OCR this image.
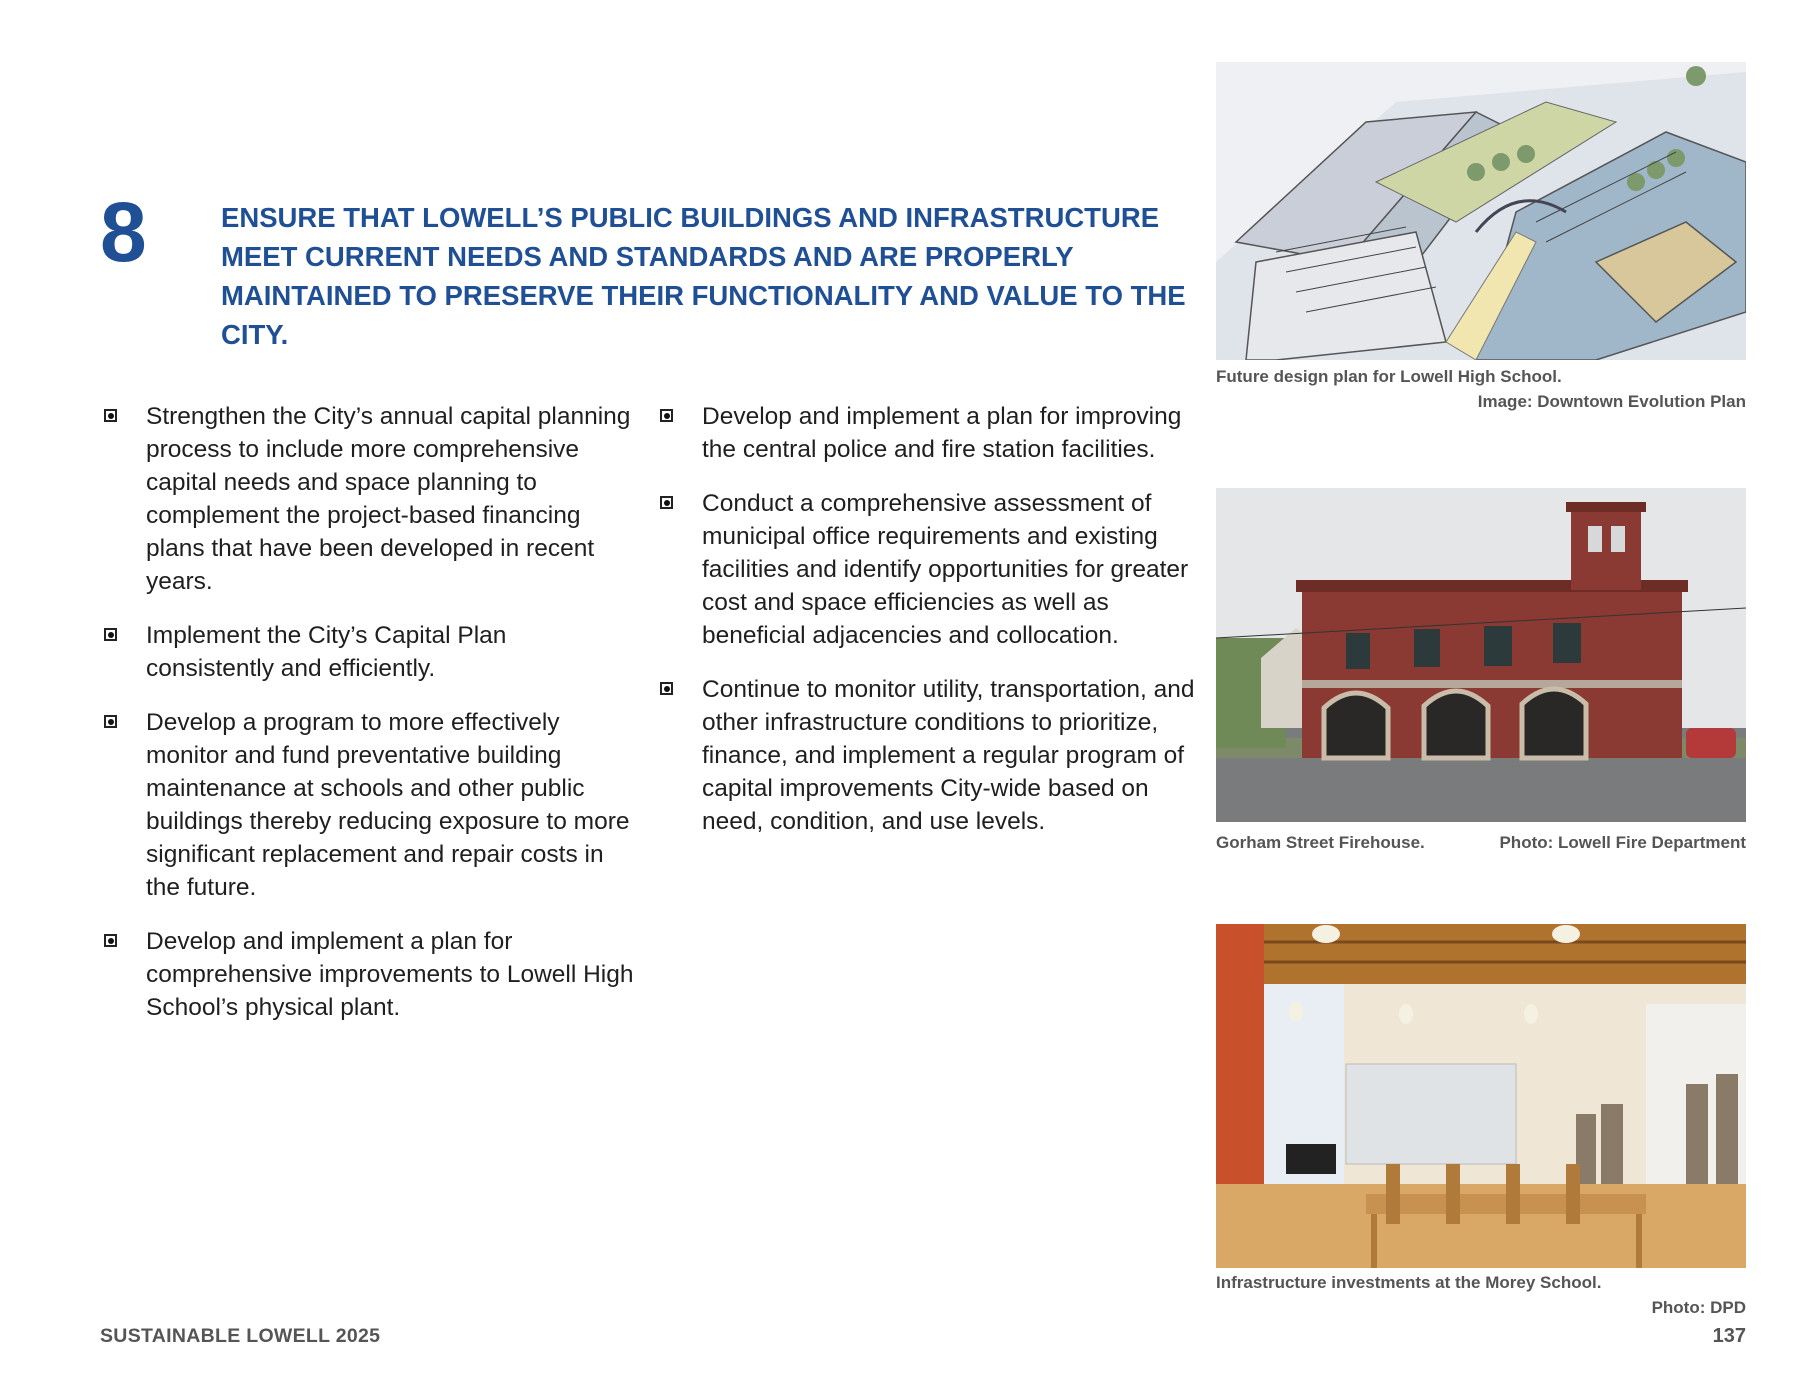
8	ENSURE THAT LOWELL’S PUBLIC BUILDINGS AND INFRASTRUCTURE MEET CURRENT NEEDS AND STANDARDS AND ARE PROPERLY MAINTAINED TO PRESERVE THEIR FUNCTIONALITY AND VALUE TO THE CITY.
Strengthen the City’s annual capital planning process to include more comprehensive capital needs and space planning to complement the project-based financing plans that have been developed in recent years.
Implement the City’s Capital Plan consistently and efficiently.
Develop a program to more effectively monitor and fund preventative building maintenance at schools and other public buildings thereby reducing exposure to more significant replacement and repair costs in the future.
Develop and implement a plan for comprehensive improvements to Lowell High School’s physical plant.
Develop and implement a plan for improving the central police and fire station facilities.
Conduct a comprehensive assessment of municipal office requirements and existing facilities and identify opportunities for greater cost and space efficiencies as well as beneficial adjacencies and collocation.
Continue to monitor utility, transportation, and other infrastructure conditions to prioritize, finance, and implement a regular program of capital improvements City-wide based on need, condition, and use levels.
Future design plan for Lowell High School.
Image: Downtown Evolution Plan
Gorham Street Firehouse.	Photo: Lowell Fire Department
Infrastructure investments at the Morey School.
Photo: DPD
SUSTAINABLE LOWELL 2025	137
